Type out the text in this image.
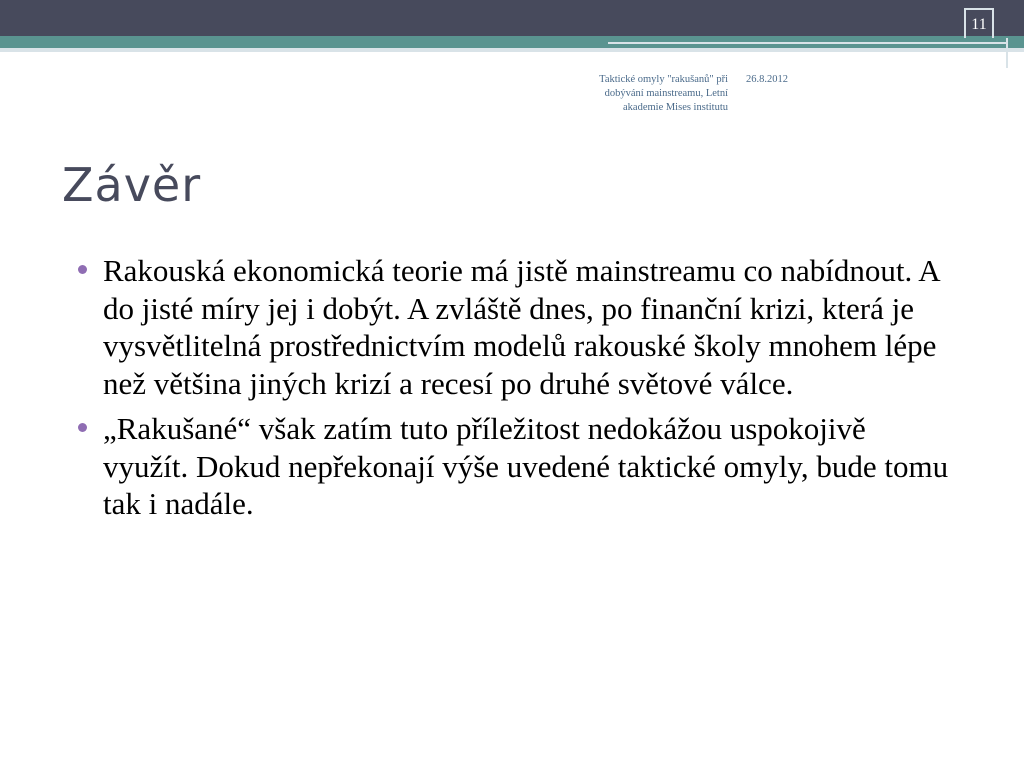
11
Taktické omyly "rakušanů" při dobývání mainstreamu, Letní akademie Mises institutu
26.8.2012
Závěr
Rakouská ekonomická teorie má jistě mainstreamu co nabídnout. A do jisté míry jej i dobýt. A zvláště dnes, po finanční krizi, která je vysvětlitelná prostřednictvím modelů rakouské školy mnohem lépe než většina jiných krizí a recesí po druhé světové válce.
„Rakušané“ však zatím tuto příležitost nedokážou uspokojivě využít. Dokud nepřekonají výše uvedené taktické omyly, bude tomu tak i nadále.
